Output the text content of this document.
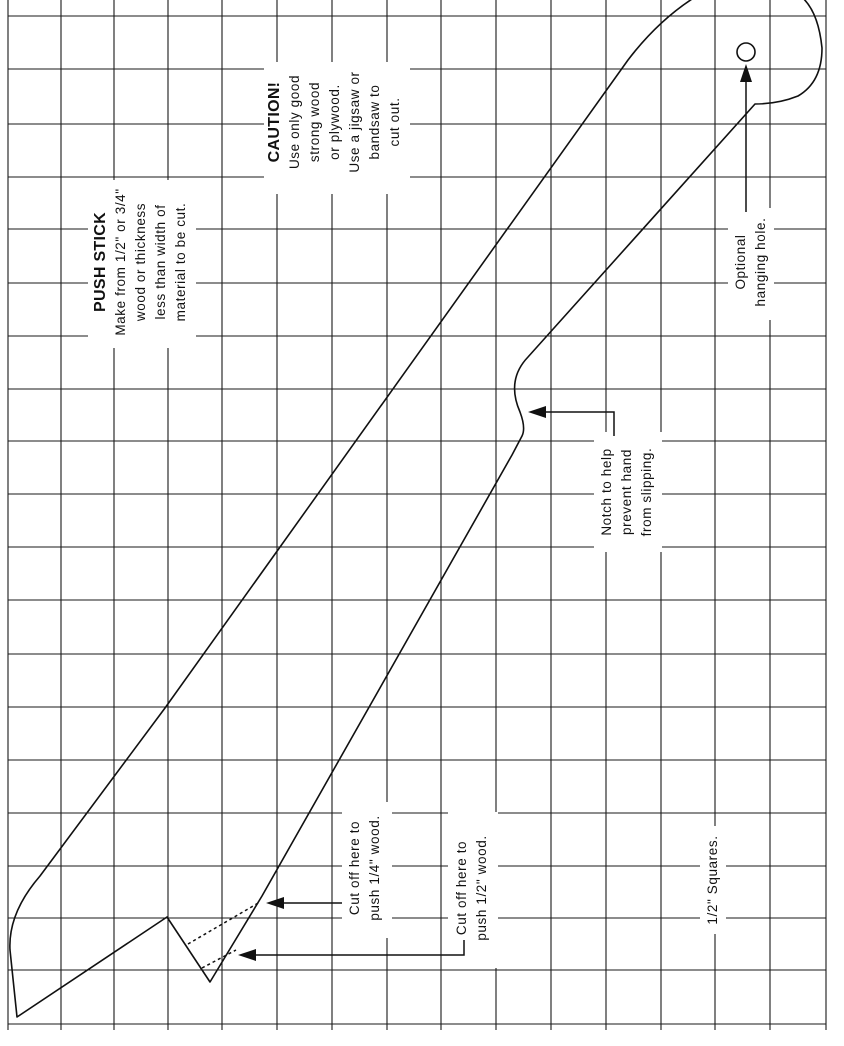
PUSH STICK Make from 1/2" or 3/4" wood or thickness less than width of material to be cut.
CAUTION! Use only good strong wood or plywood. Use a jigsaw or bandsaw to cut out.
Optional hanging hole.
Notch to help prevent hand from slipping.
Cut off here to push 1/4" wood.	Cut off here to push 1/2" wood.	1/2" Squares.
